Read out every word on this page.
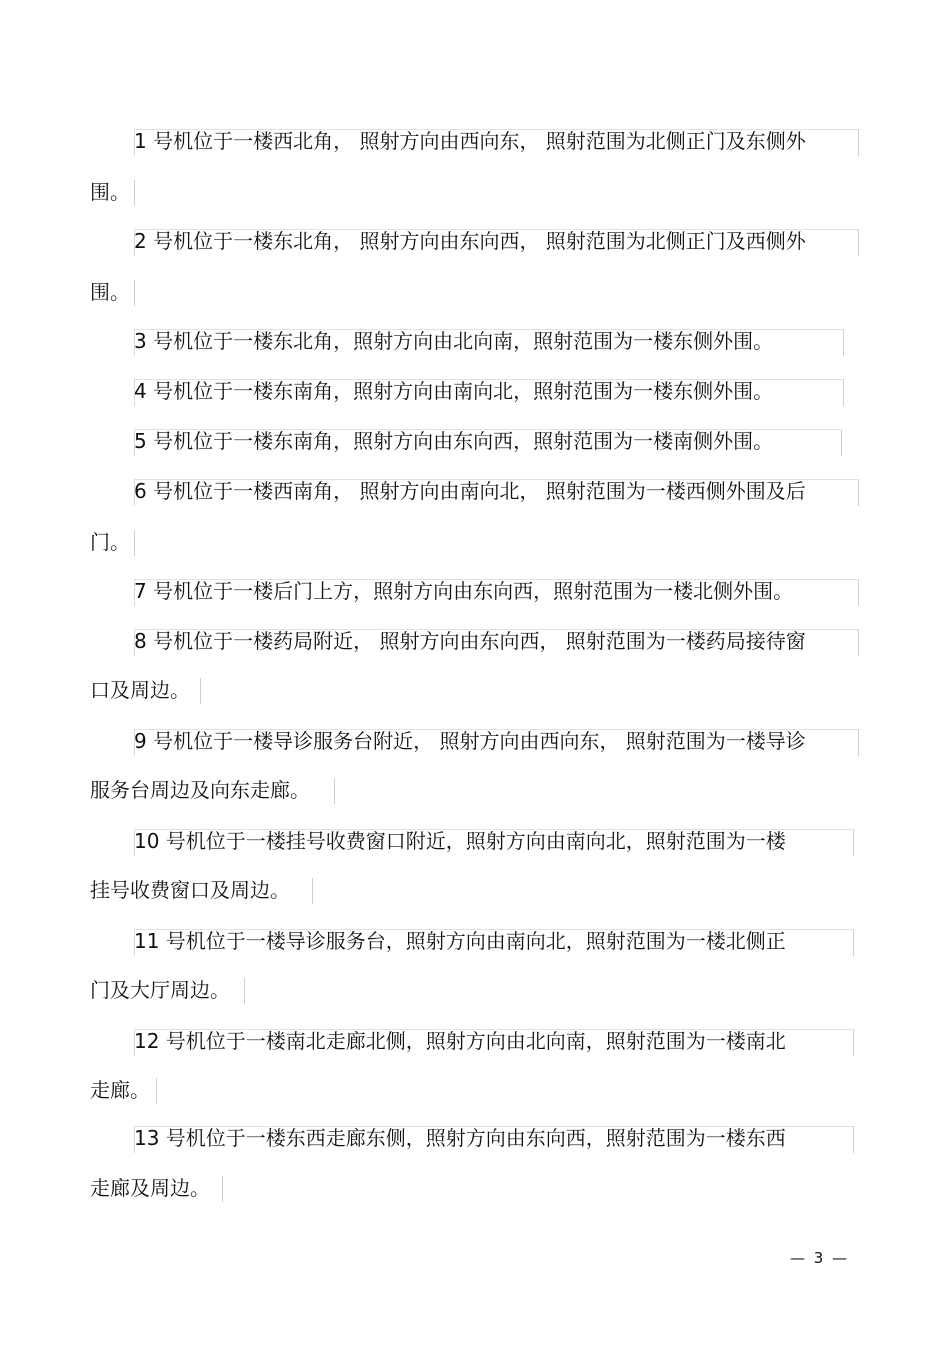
1 号机位于一楼西北角， 照射方向由西向东， 照射范围为北侧正门及东侧外
围。
2 号机位于一楼东北角， 照射方向由东向西， 照射范围为北侧正门及西侧外
围。
3 号机位于一楼东北角，照射方向由北向南，照射范围为一楼东侧外围。
4 号机位于一楼东南角，照射方向由南向北，照射范围为一楼东侧外围。
5 号机位于一楼东南角，照射方向由东向西，照射范围为一楼南侧外围。
6 号机位于一楼西南角， 照射方向由南向北， 照射范围为一楼西侧外围及后
门。
7 号机位于一楼后门上方，照射方向由东向西，照射范围为一楼北侧外围。
8 号机位于一楼药局附近， 照射方向由东向西， 照射范围为一楼药局接待窗
口及周边。
9 号机位于一楼导诊服务台附近， 照射方向由西向东， 照射范围为一楼导诊
服务台周边及向东走廊。
10 号机位于一楼挂号收费窗口附近，照射方向由南向北，照射范围为一楼
挂号收费窗口及周边。
11 号机位于一楼导诊服务台，照射方向由南向北，照射范围为一楼北侧正
门及大厅周边。
12 号机位于一楼南北走廊北侧，照射方向由北向南，照射范围为一楼南北
走廊。
13 号机位于一楼东西走廊东侧，照射方向由东向西，照射范围为一楼东西
走廊及周边。
— 3 —
